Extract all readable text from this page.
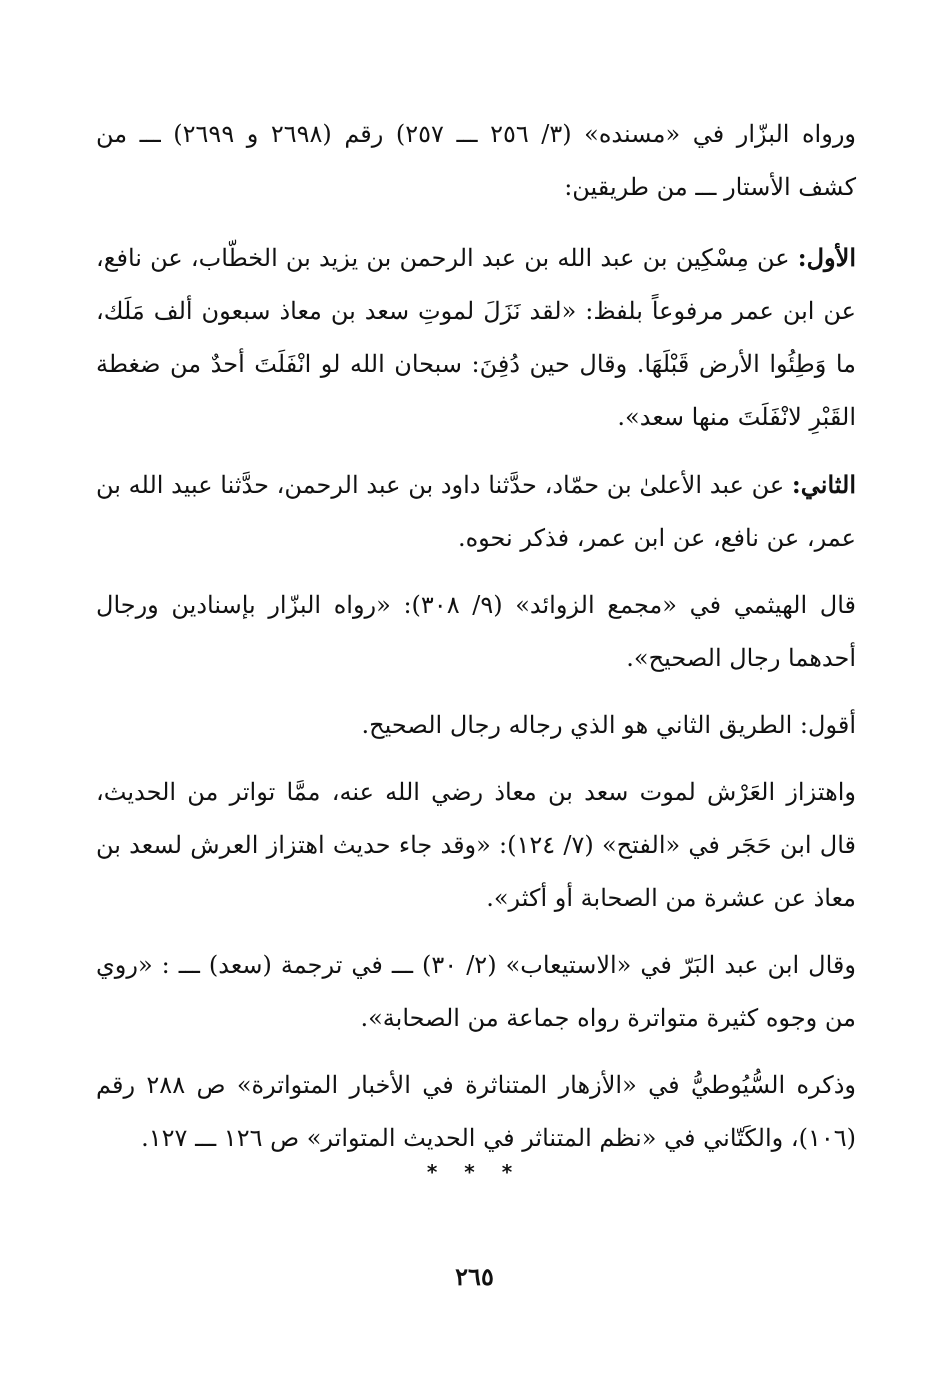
ورواه البزّار في «مسنده» (٣/ ٢٥٦ ـــ ٢٥٧) رقم (٢٦٩٨ و ٢٦٩٩) ـــ من كشف الأستار ـــ من طريقين:

الأول: عن مِسْكِين بن عبد الله بن عبد الرحمن بن يزيد بن الخطّاب، عن نافع، عن ابن عمر مرفوعاً بلفظ: «لقد نَزَلَ لموتِ سعد بن معاذ سبعون ألف مَلَك، ما وَطِئُوا الأرض قَبْلَهَا. وقال حين دُفِنَ: سبحان الله لو انْفَلَتَ أحدٌ من ضغطة القَبْرِ لانْفَلَتَ منها سعد».

الثاني: عن عبد الأعلىٰ بن حمّاد، حدَّثنا داود بن عبد الرحمن، حدَّثنا عبيد الله بن عمر، عن نافع، عن ابن عمر، فذكر نحوه.

قال الهيثمي في «مجمع الزوائد» (٩/ ٣٠٨): «رواه البزّار بإسنادين ورجال أحدهما رجال الصحيح».

أقول: الطريق الثاني هو الذي رجاله رجال الصحيح.

واهتزاز العَرْش لموت سعد بن معاذ رضي الله عنه، ممَّا تواتر من الحديث، قال ابن حَجَر في «الفتح» (٧/ ١٢٤): «وقد جاء حديث اهتزاز العرش لسعد بن معاذ عن عشرة من الصحابة أو أكثر».

وقال ابن عبد البَرّ في «الاستيعاب» (٢/ ٣٠) ـــ في ترجمة (سعد) ـــ : «روي من وجوه كثيرة متواترة رواه جماعة من الصحابة».

وذكره السُّيُوطيُّ في «الأزهار المتناثرة في الأخبار المتواترة» ص ٢٨٨ رقم (١٠٦)، والكَتّاني في «نظم المتناثر في الحديث المتواتر» ص ١٢٦ ـــ ١٢٧.

* * *
٢٦٥
